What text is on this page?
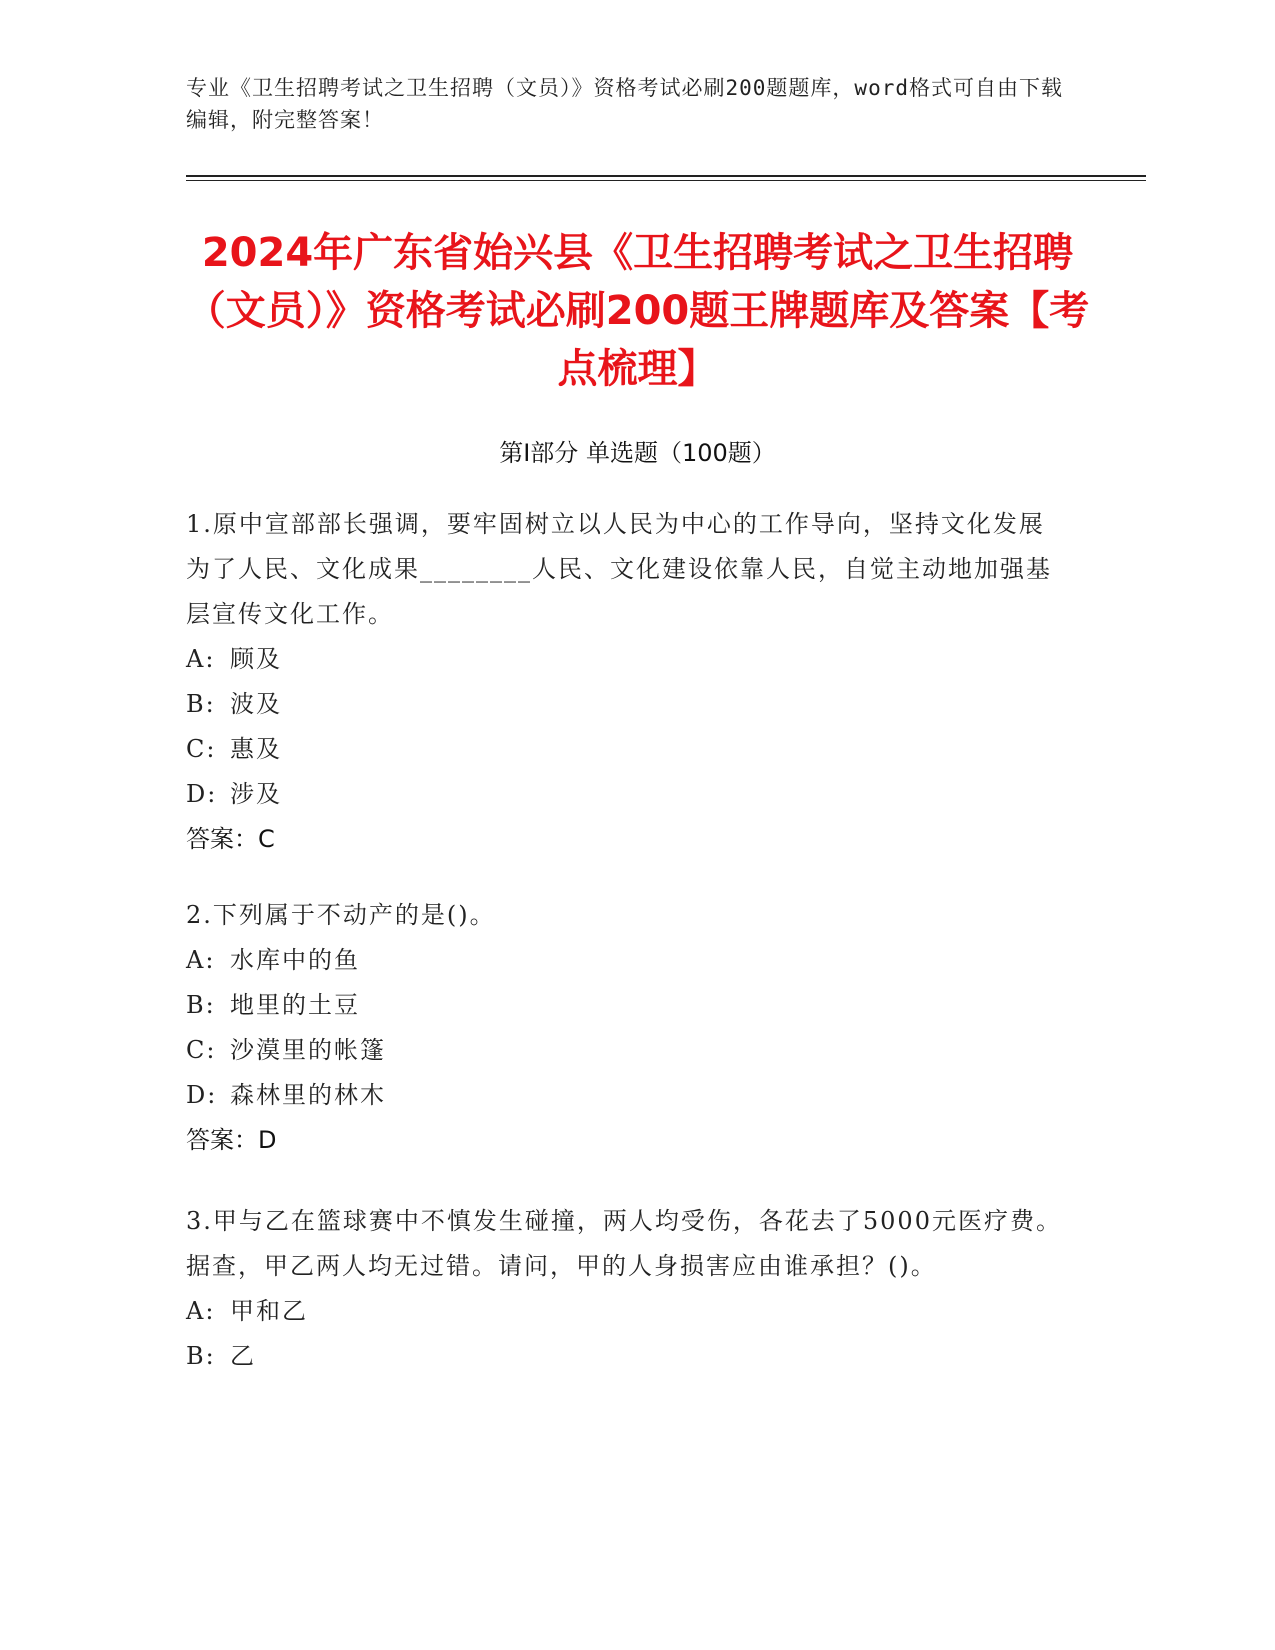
专业《卫生招聘考试之卫生招聘（文员）》资格考试必刷200题题库，word格式可自由下载编辑，附完整答案！
2024年广东省始兴县《卫生招聘考试之卫生招聘（文员）》资格考试必刷200题王牌题库及答案【考点梳理】
第I部分 单选题（100题）

1.原中宣部部长强调，要牢固树立以人民为中心的工作导向，坚持文化发展为了人民、文化成果________人民、文化建设依靠人民，自觉主动地加强基层宣传文化工作。

A: 顾及

B: 波及

C: 惠及

D: 涉及

答案：C

2.下列属于不动产的是()。

A: 水库中的鱼

B: 地里的土豆

C: 沙漠里的帐篷

D: 森林里的林木

答案：D

3.甲与乙在篮球赛中不慎发生碰撞，两人均受伤，各花去了5000元医疗费。据查，甲乙两人均无过错。请问，甲的人身损害应由谁承担？()。

A: 甲和乙

B: 乙
